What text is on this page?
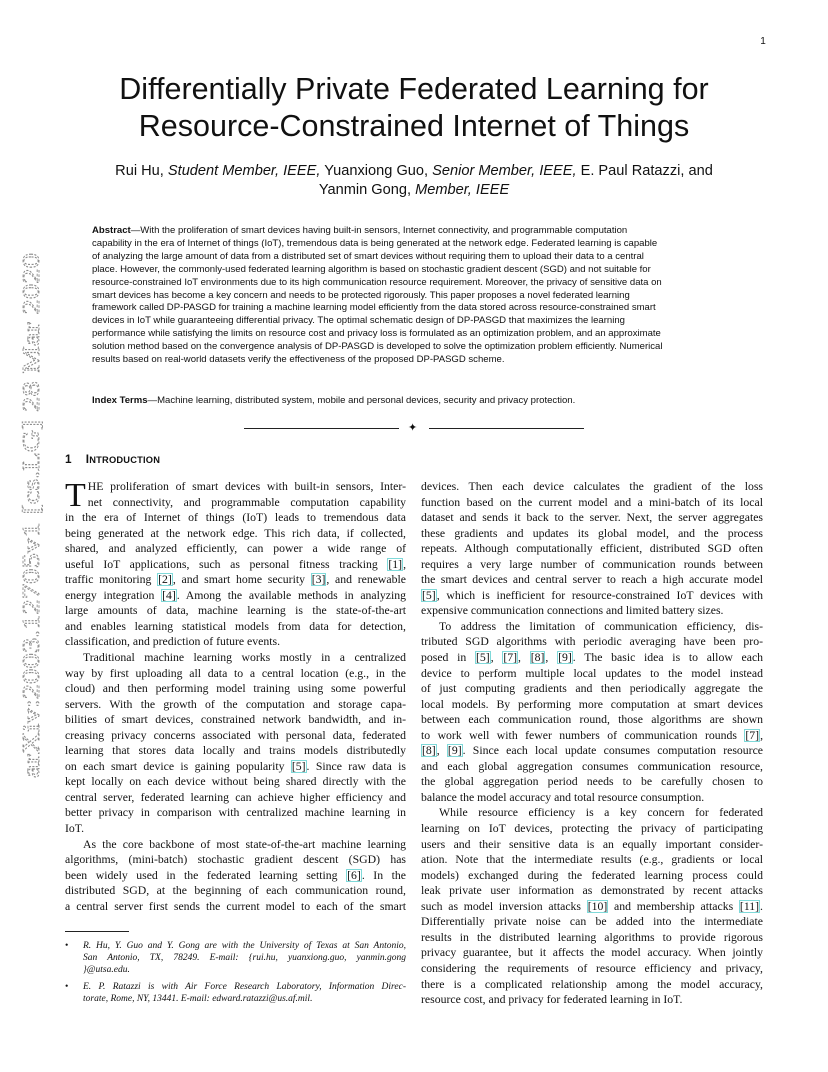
1
arXiv:2003.12705v1 [cs.LG] 28 Mar 2020
Differentially Private Federated Learning for
Resource-Constrained Internet of Things
Rui Hu, Student Member, IEEE, Yuanxiong Guo, Senior Member, IEEE, E. Paul Ratazzi, and
Yanmin Gong, Member, IEEE
Abstract—With the proliferation of smart devices having built-in sensors, Internet connectivity, and programmable computation
capability in the era of Internet of things (IoT), tremendous data is being generated at the network edge. Federated learning is capable
of analyzing the large amount of data from a distributed set of smart devices without requiring them to upload their data to a central
place. However, the commonly-used federated learning algorithm is based on stochastic gradient descent (SGD) and not suitable for
resource-constrained IoT environments due to its high communication resource requirement. Moreover, the privacy of sensitive data on
smart devices has become a key concern and needs to be protected rigorously. This paper proposes a novel federated learning
framework called DP-PASGD for training a machine learning model efficiently from the data stored across resource-constrained smart
devices in IoT while guaranteeing differential privacy. The optimal schematic design of DP-PASGD that maximizes the learning
performance while satisfying the limits on resource cost and privacy loss is formulated as an optimization problem, and an approximate
solution method based on the convergence analysis of DP-PASGD is developed to solve the optimization problem efficiently. Numerical
results based on real-world datasets verify the effectiveness of the proposed DP-PASGD scheme.
Index Terms—Machine learning, distributed system, mobile and personal devices, security and privacy protection.
✦
1 INTRODUCTION
T HE proliferation of smart devices with built-in sensors, Inter-
net connectivity, and programmable computation capability
in the era of Internet of things (IoT) leads to tremendous data
being generated at the network edge. This rich data, if collected,
shared, and analyzed efficiently, can power a wide range of
useful IoT applications, such as personal fitness tracking [1],
traffic monitoring [2], and smart home security [3], and renewable
energy integration [4]. Among the available methods in analyzing
large amounts of data, machine learning is the state-of-the-art
and enables learning statistical models from data for detection,
classification, and prediction of future events.
Traditional machine learning works mostly in a centralized
way by first uploading all data to a central location (e.g., in the
cloud) and then performing model training using some powerful
servers. With the growth of the computation and storage capa-
bilities of smart devices, constrained network bandwidth, and in-
creasing privacy concerns associated with personal data, federated
learning that stores data locally and trains models distributedly
on each smart device is gaining popularity [5]. Since raw data is
kept locally on each device without being shared directly with the
central server, federated learning can achieve higher efficiency and
better privacy in comparison with centralized machine learning in
IoT.
As the core backbone of most state-of-the-art machine learning
algorithms, (mini-batch) stochastic gradient descent (SGD) has
been widely used in the federated learning setting [6]. In the
distributed SGD, at the beginning of each communication round,
a central server first sends the current model to each of the smart
• R. Hu, Y. Guo and Y. Gong are with the University of Texas at San Antonio,
San Antonio, TX, 78249. E-mail: {rui.hu, yuanxiong.guo, yanmin.gong
}@utsa.edu.
• E. P. Ratazzi is with Air Force Research Laboratory, Information Direc-
torate, Rome, NY, 13441. E-mail: edward.ratazzi@us.af.mil.
devices. Then each device calculates the gradient of the loss
function based on the current model and a mini-batch of its local
dataset and sends it back to the server. Next, the server aggregates
these gradients and updates its global model, and the process
repeats. Although computationally efficient, distributed SGD often
requires a very large number of communication rounds between
the smart devices and central server to reach a high accurate model
[5], which is inefficient for resource-constrained IoT devices with
expensive communication connections and limited battery sizes.
To address the limitation of communication efficiency, dis-
tributed SGD algorithms with periodic averaging have been pro-
posed in [5], [7], [8], [9]. The basic idea is to allow each
device to perform multiple local updates to the model instead
of just computing gradients and then periodically aggregate the
local models. By performing more computation at smart devices
between each communication round, those algorithms are shown
to work well with fewer numbers of communication rounds [7],
[8], [9]. Since each local update consumes computation resource
and each global aggregation consumes communication resource,
the global aggregation period needs to be carefully chosen to
balance the model accuracy and total resource consumption.
While resource efficiency is a key concern for federated
learning on IoT devices, protecting the privacy of participating
users and their sensitive data is an equally important consider-
ation. Note that the intermediate results (e.g., gradients or local
models) exchanged during the federated learning process could
leak private user information as demonstrated by recent attacks
such as model inversion attacks [10] and membership attacks [11].
Differentially private noise can be added into the intermediate
results in the distributed learning algorithms to provide rigorous
privacy guarantee, but it affects the model accuracy. When jointly
considering the requirements of resource efficiency and privacy,
there is a complicated relationship among the model accuracy,
resource cost, and privacy for federated learning in IoT.
